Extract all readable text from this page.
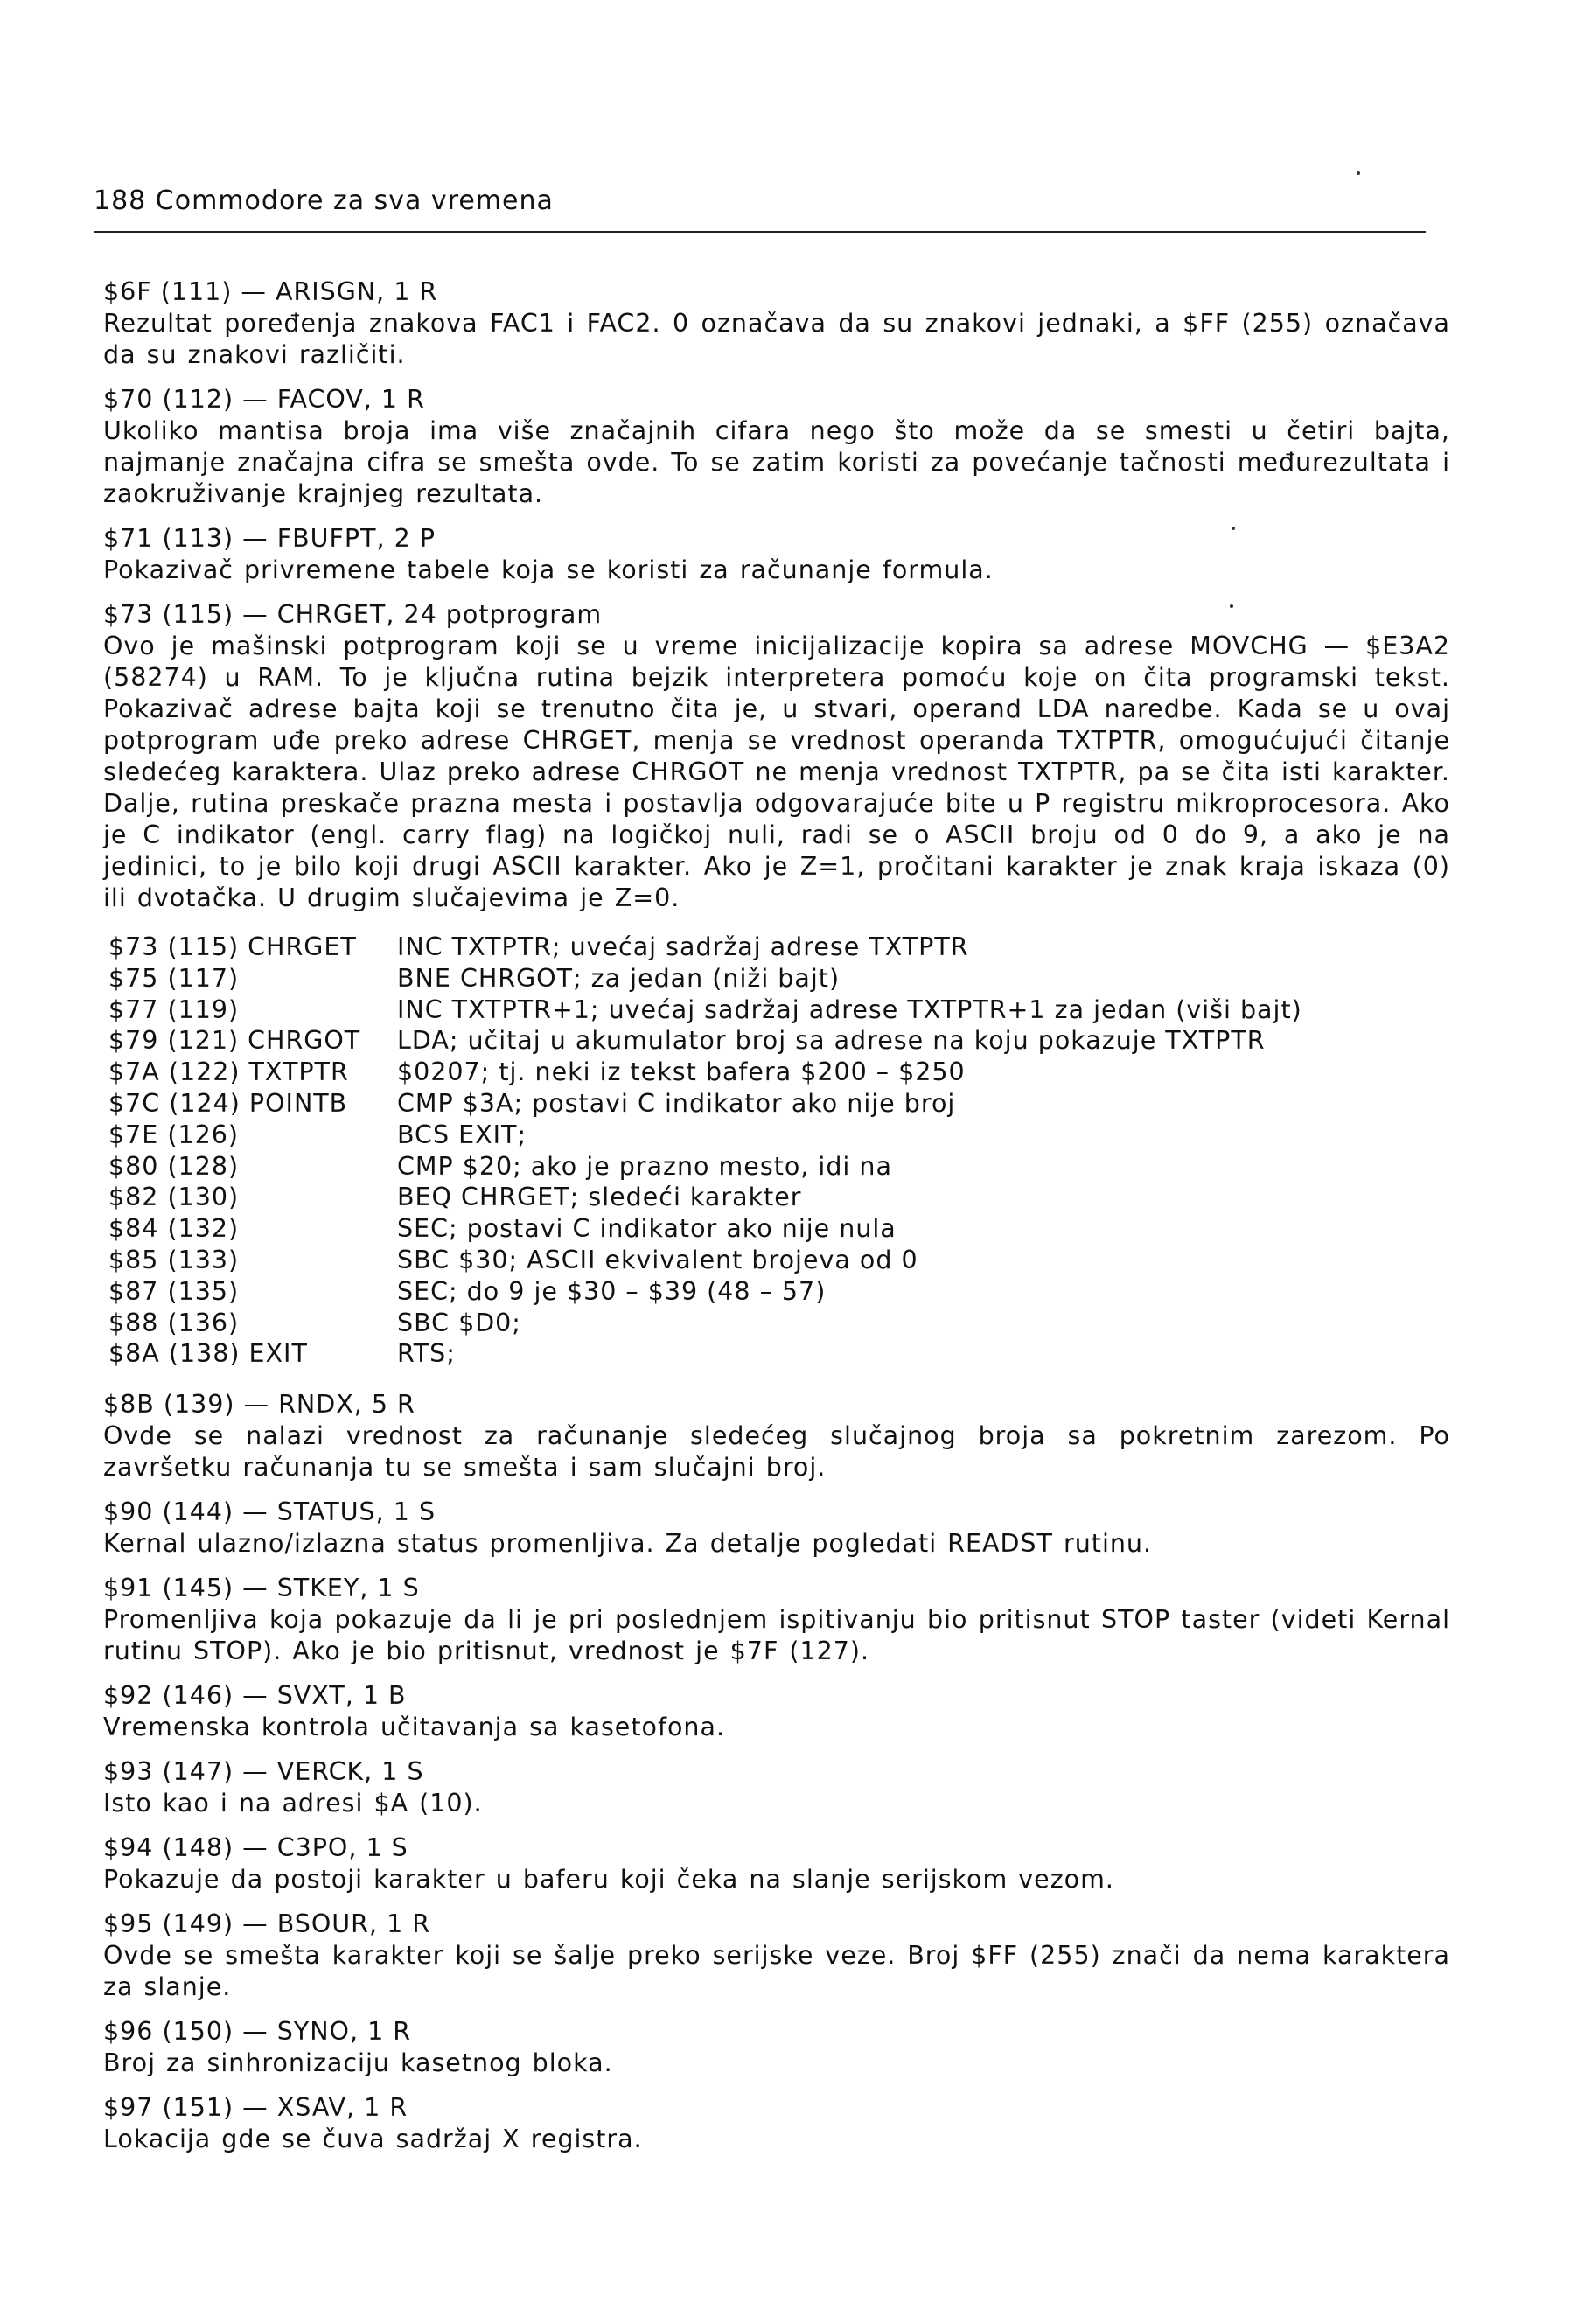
188 Commodore za sva vremena
$6F (111) — ARISGN, 1 R
Rezultat poređenja znakova FAC1 i FAC2. 0 označava da su znakovi jednaki, a $FF (255) označava da su znakovi različiti.
$70 (112) — FACOV, 1 R
Ukoliko mantisa broja ima više značajnih cifara nego što može da se smesti u četiri bajta, najmanje značajna cifra se smešta ovde. To se zatim koristi za povećanje tačnosti međurezultata i zaokruživanje krajnjeg rezultata.
$71 (113) — FBUFPT, 2 P
Pokazivač privremene tabele koja se koristi za računanje formula.
$73 (115) — CHRGET, 24 potprogram
Ovo je mašinski potprogram koji se u vreme inicijalizacije kopira sa adrese MOVCHG — $E3A2 (58274) u RAM. To je ključna rutina bejzik interpretera pomoću koje on čita programski tekst. Pokazivač adrese bajta koji se trenutno čita je, u stvari, operand LDA naredbe. Kada se u ovaj potprogram uđe preko adrese CHRGET, menja se vrednost operanda TXTPTR, omogućujući čitanje sledećeg karaktera. Ulaz preko adrese CHRGOT ne menja vrednost TXTPTR, pa se čita isti karakter. Dalje, rutina preskače prazna mesta i postavlja odgovarajuće bite u P registru mikroprocesora. Ako je C indikator (engl. carry flag) na logičkoj nuli, radi se o ASCII broju od 0 do 9, a ako je na jedinici, to je bilo koji drugi ASCII karakter. Ako je Z=1, pročitani karakter je znak kraja iskaza (0) ili dvotačka. U drugim slučajevima je Z=0.
$73 (115) CHRGET	INC TXTPTR; uvećaj sadržaj adrese TXTPTR
$75 (117)	BNE CHRGOT; za jedan (niži bajt)
$77 (119)	INC TXTPTR+1; uvećaj sadržaj adrese TXTPTR+1 za jedan (viši bajt)
$79 (121) CHRGOT	LDA; učitaj u akumulator broj sa adrese na koju pokazuje TXTPTR
$7A (122) TXTPTR	$0207; tj. neki iz tekst bafera $200 – $250
$7C (124) POINTB	CMP $3A; postavi C indikator ako nije broj
$7E (126)	BCS EXIT;
$80 (128)	CMP $20; ako je prazno mesto, idi na
$82 (130)	BEQ CHRGET; sledeći karakter
$84 (132)	SEC; postavi C indikator ako nije nula
$85 (133)	SBC $30; ASCII ekvivalent brojeva od 0
$87 (135)	SEC; do 9 je $30 – $39 (48 – 57)
$88 (136)	SBC $D0;
$8A (138) EXIT	RTS;
$8B (139) — RNDX, 5 R
Ovde se nalazi vrednost za računanje sledećeg slučajnog broja sa pokretnim zarezom. Po završetku računanja tu se smešta i sam slučajni broj.
$90 (144) — STATUS, 1 S
Kernal ulazno/izlazna status promenljiva. Za detalje pogledati READST rutinu.
$91 (145) — STKEY, 1 S
Promenljiva koja pokazuje da li je pri poslednjem ispitivanju bio pritisnut STOP taster (videti Kernal rutinu STOP). Ako je bio pritisnut, vrednost je $7F (127).
$92 (146) — SVXT, 1 B
Vremenska kontrola učitavanja sa kasetofona.
$93 (147) — VERCK, 1 S
Isto kao i na adresi $A (10).
$94 (148) — C3PO, 1 S
Pokazuje da postoji karakter u baferu koji čeka na slanje serijskom vezom.
$95 (149) — BSOUR, 1 R
Ovde se smešta karakter koji se šalje preko serijske veze. Broj $FF (255) znači da nema karaktera za slanje.
$96 (150) — SYNO, 1 R
Broj za sinhronizaciju kasetnog bloka.
$97 (151) — XSAV, 1 R
Lokacija gde se čuva sadržaj X registra.
